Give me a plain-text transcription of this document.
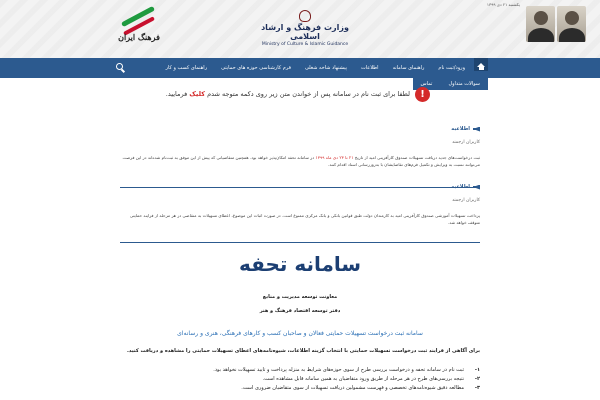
یکشنبه ۲۱ دی ۱۳۹۹
وزارت فرهنگ و ارشاد اسلامی
Ministry of Culture & Islamic Guidance
فرهنگ ایران
ورود/ثبت نام
راهنمای سامانه
اطلاعات
پیشنهاد شاخه شغلی
فرم کارشناسی حوزه های حمایتی
راهنمای کسب و کار
سوالات متداول
تماس
!
لطفا برای ثبت نام در سامانه پس از خواندن متن زیر روی دکمه متوجه شدم کلیک فرمایید.
اطلاعیه
کاربران ارجمند
ثبت درخواست‌های جدید دریافت تسهیلات صندوق کارآفرینی امید از تاریخ ۲۱ تا ۲۳ دی ماه ۱۳۹۹ در سامانه تحفه امکان‌پذیر خواهد بود. همچنین متقاضیانی که پیش از این موفق به ثبت‌نام شده‌اند در این فرصت می‌توانند نسبت به ویرایش و تکمیل فرم‌های تقاضایشان با به‌روزرسانی اسناد اقدام کنند.
اطلاعیه
کاربران ارجمند
پرداخت تسهیلات آموزشی صندوق کارآفرینی امید به کارمندان دولت طبق قوانین بانکی و بانک مرکزی ممنوع است. در صورت اثبات این موضوع، اعطای تسهیلات به متقاضی در هر مرحله از فرایند حمایتی متوقف خواهد شد.
سامانه تحفه
معاونت توسعه مدیریت و منابع
دفتر توسعه اقتصاد فرهنگ و هنر
سامانه ثبت درخواست تسهیلات حمایتی فعالان و صاحبان کسب و کارهای فرهنگی، هنری و رسانه‌ای
برای آگاهی از فرایند ثبت درخواست تسهیلات حمایتی با انتخاب گزینه اطلاعات، شیوه‌نامه‌های اعطای تسهیلات حمایتی را مشاهده و دریافت کنید.
۱-
ثبت نام در سامانه تحفه و درخواست بررسی طرح از سوی حوزه‌های شرایط به منزله پرداخت و تایید تسهیلات نخواهد بود.
۲-
نتیجه بررسی‌های طرح در هر مرحله از طریق ورود متقاضیان به همین سامانه قابل مشاهده است.
۳-
مطالعه دقیق شیوه‌نامه‌های تخصصی و فهرست مشمولین دریافت تسهیلات از سوی متقاضیان ضروری است.
